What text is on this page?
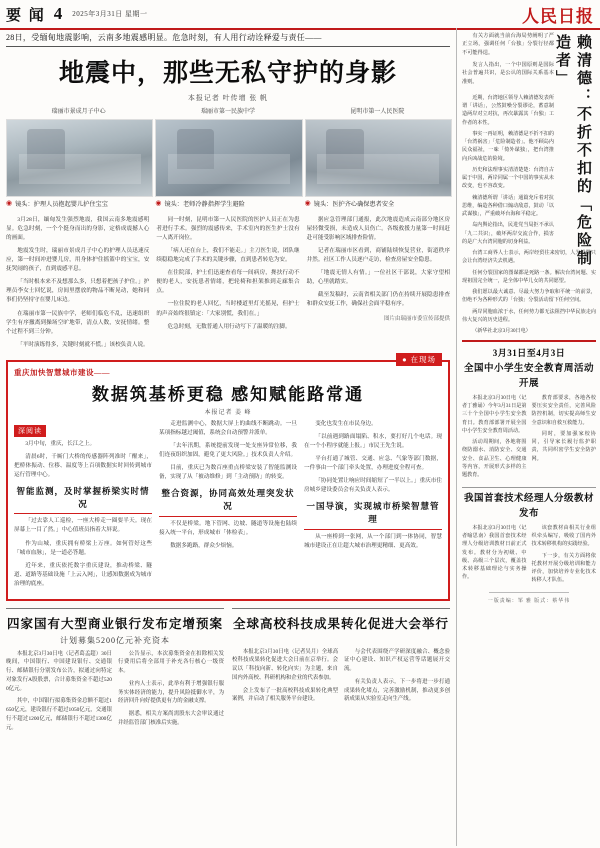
要 闻 4 2025年3月31日 星期一	人民日报
28日，受缅甸地震影响，云南多地震感明显。危急时刻，有人用行动诠释爱与责任——
地震中，那些无私守护的身影
本报记者 叶传增 张 帆
瑞丽市景成月子中心
◉ 镜头：护理人员抱起婴儿护住宝宝
瑞丽市第一民族中学
◉ 镜头：老师冷静指挥学生避险
昆明市第一人民医院
◉ 镜头：医护齐心确保患者安全

3月28日，缅甸发生强烈地震，我国云南多地震感明显。危急时刻，一个个挺身而出的身影，定格成震撼人心的画面。

地震发生时，瑞丽市景成月子中心的护理人员迅速反应，第一时间冲进婴儿房，用身体护住摇篮中的宝宝，安抚哭闹的孩子，直到震感平息。

「当时根本来不及想那么多，只想着把孩子护住。」护理员李女士回忆说，房间里摆放的物品不断晃动，她和同事们仍坚持守在婴儿床边。

在瑞丽市第一民族中学，老师们临危不乱，迅速组织学生有序撤离到操场空旷地带，清点人数，安抚情绪。整个过程不到三分钟。

「平时演练得多，关键时刻就不慌。」该校负责人说。

同一时刻，昆明市第一人民医院的医护人员正在为患者进行手术。强烈的震感传来，手术室内的医生护士没有一人离开岗位。

「病人还在台上，我们不能走。」主刀医生说，团队继续稳稳地完成了手术的关键步骤，直到患者转危为安。

在住院部，护士们迅速查看每一间病房，搀扶行动不便的老人，安抚患者情绪，把轮椅和担架推到走廊集合点。

一位住院的老人回忆，当时楼道里灯光摇晃，但护士的声音始终很镇定：「大家别慌，我们在。」

危急时刻，无数普通人用行动写下了温暖的注脚。

据应急管理部门通报，此次地震造成云南部分地区房屋轻微受损，未造成人员伤亡。各级救援力量第一时间赶赴可能受影响区域排查险情。

记者在瑞丽市区看到，商铺陆续恢复营业，街道秩序井然。社区工作人员逐户走访，检查房屋安全隐患。

「地震无情人有情。」一位社区干部说，大家守望相助，心里就踏实。

截至发稿时，云南省相关部门仍在持续开展隐患排查和群众安抚工作，确保社会面平稳有序。

图片由瑞丽市委宣传部提供
● 在现场
重庆加快智慧城市建设——
数据筑基桥更稳 感知赋能路常通
本报记者 姜 峰
深阅读

3月中旬，重庆，长江之上。

清晨6时，千厮门大桥的传感器阵列准时「醒来」，把桥体振动、位移、温度等上百项数据实时回传到城市运行管理中心。

智能监测，及时掌握桥梁实时情况

「过去靠人工巡检，一座大桥走一圈要半天。现在屏幕上一目了然。」中心值班员指着大屏说。

作为山城，重庆拥有桥梁上万座。如何管好这些「城市血脉」，是一道必答题。

近年来，重庆依托数字重庆建设，推动桥梁、隧道、道路等基础设施「上云入网」，让感知数据成为城市治理的底座。

走进监测中心，数据大屏上的曲线不断跳动。一旦某项指标越过阈值，系统会自动预警并派单。

「去年汛期，系统提前发现一处支座异常位移，我们连夜组织加固，避免了更大风险。」技术负责人介绍。

目前，重庆已为数百座重点桥梁安装了智能监测设备，实现了从「被动维修」到「主动预防」的转变。

整合资源，协同高效处理突发状况

不仅是桥梁。地下管网、边坡、隧道等设施也陆续接入统一平台，形成城市「体检表」。

数据多跑路，群众少烦恼。

变化也发生在市民身边。

「以前遇到路面塌陷、积水，要打好几个电话。现在一个小程序就能上报。」市民王先生说。

平台打通了城管、交通、应急、气象等部门数据，一件事由一个部门牵头处置，办理进度全程可查。

「协同处置让响应时间缩短了一半以上。」重庆市住房城乡建设委员会有关负责人表示。

一国导演，实现城市桥梁智慧管理

从一座桥到一张网，从一个部门到一体协同，智慧城市建设正在让超大城市治理更精细、更高效。

四家国有大型商业银行发布定增预案
计划募集5200亿元补充资本

本报北京3月30日电（记者葛孟超）30日晚间，中国银行、中国建设银行、交通银行、邮储银行分别发布公告，拟通过向特定对象发行A股股票，合计募集资金不超过5200亿元。

其中，中国银行拟募集资金总额不超过1650亿元，建设银行不超过1050亿元，交通银行不超过1200亿元，邮储银行不超过1300亿元。

公告显示，本次募集资金在扣除相关发行费用后将全部用于补充各行核心一级资本。

业内人士表示，此举有利于增强银行服务实体经济的能力，提升风险抵御水平，为经济回升向好提供更有力的金融支撑。

据悉，相关方案尚需股东大会审议通过并经监管部门核准后实施。

全球高校科技成果转化促进大会举行

本报北京3月30日电（记者吴月）全球高校科技成果转化促进大会日前在京举行。会议以「科技向新、转化向实」为主题，来自国内外高校、科研机构和企业的代表参加。

会上发布了一批高校科技成果转化典型案例，并启动了相关服务平台建设。

与会代表围绕产学研深度融合、概念验证中心建设、知识产权运营等话题展开交流。

有关负责人表示，下一步将进一步打通成果转化堵点，完善激励机制，推动更多创新成果从实验室走向生产线。

有关方面就当前台海局势阐明了严正立场，强调任何「台独」分裂行径都不可能得逞。

发言人指出，一个中国原则是国际社会普遍共识，是公认的国际关系基本准则。	赖清德：不折不扣的「危险制造者」

近期，台湾地区领导人赖清德发表所谓「讲话」，公然鼓噪分裂谬论，蓄意制造两岸对立对抗，再次暴露其「台独」工作者的本性。

事实一再证明，赖清德是不折不扣的「台湾祸害」「危险制造者」。他不顾岛内民众福祉，一味「倚外谋独」，把台湾推向兵凶战危的险境。

历史和法理事实清清楚楚：台湾自古属于中国，两岸同属一个中国的事实从未改变，也不容改变。

赖清德所谓「讲话」通篇充斥着对抗思维，编造各种借口煽动敌意，鼓动「以武谋独」，严重破坏台海和平稳定。

岛内舆论指出，民进党当局拒不承认「九二共识」，破坏两岸交流合作，损害的是广大台湾同胞的切身利益。

台湾工商界人士表示，两岸经贸往来密切，人为设限只会让台湾经济失去机遇。

任何分裂国家的图谋都是死路一条。解决台湾问题、实现祖国完全统一，是全体中华儿女的共同愿望。

我们愿以最大诚意、尽最大努力争取和平统一的前景，但绝不为各种形式的「台独」分裂活动留下任何空间。

两岸同胞血浓于水，任何势力都无法阻挡中华民族走向伟大复兴的历史进程。

（新华社北京3月30日电）

3月31日至4月3日
全国中小学生安全教育周活动开展

本报北京3月30日电（记者丁雅诵）今年3月31日是第三十个全国中小学生安全教育日。教育部部署开展全国中小学生安全教育周活动。

活动周期间，各地将围绕防溺水、消防安全、交通安全、食品卫生、心理健康等内容，开展形式多样的主题教育。

教育部要求，各地各校要压实安全责任，完善风险防控机制，切实提高师生安全意识和自救互救能力。

同时，要加强家校协同，引导家长履行监护职责，共同织密学生安全防护网。

我国首套技术经理人分级教材发布

本报北京3月30日电（记者喻思南）我国首套技术经理人分级培训教材日前正式发布。教材分为初级、中级、高级三个层次，覆盖技术转移基础理论与实务操作。

该套教材由相关行业组织牵头编写，吸收了国内外技术转移机构的实践经验。

下一步，有关方面将依托教材开展分级培训和能力评价，加快培养专业化技术转移人才队伍。

一版责编：邹 雅 版式：蔡华伟
